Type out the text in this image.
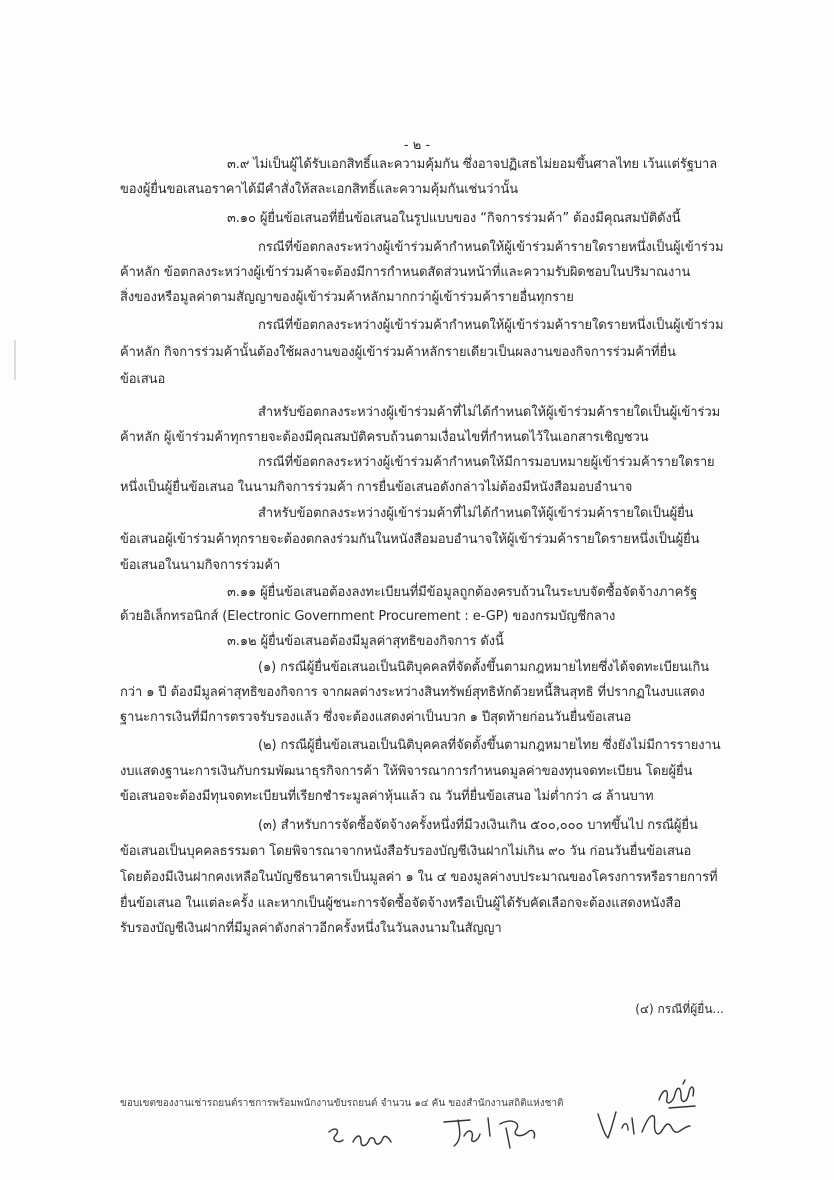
- ๒ -
๓.๙ ไม่เป็นผู้ได้รับเอกสิทธิ์และความคุ้มกัน ซึ่งอาจปฏิเสธไม่ยอมขึ้นศาลไทย เว้นแต่รัฐบาล
ของผู้ยื่นขอเสนอราคาได้มีคำสั่งให้สละเอกสิทธิ์และความคุ้มกันเช่นว่านั้น
๓.๑๐ ผู้ยื่นข้อเสนอที่ยื่นข้อเสนอในรูปแบบของ “กิจการร่วมค้า” ต้องมีคุณสมบัติดังนี้
กรณีที่ข้อตกลงระหว่างผู้เข้าร่วมค้ากำหนดให้ผู้เข้าร่วมค้ารายใดรายหนึ่งเป็นผู้เข้าร่วม
ค้าหลัก ข้อตกลงระหว่างผู้เข้าร่วมค้าจะต้องมีการกำหนดสัดส่วนหน้าที่และความรับผิดชอบในปริมาณงาน
สิ่งของหรือมูลค่าตามสัญญาของผู้เข้าร่วมค้าหลักมากกว่าผู้เข้าร่วมค้ารายอื่นทุกราย
กรณีที่ข้อตกลงระหว่างผู้เข้าร่วมค้ากำหนดให้ผู้เข้าร่วมค้ารายใดรายหนึ่งเป็นผู้เข้าร่วม
ค้าหลัก กิจการร่วมค้านั้นต้องใช้ผลงานของผู้เข้าร่วมค้าหลักรายเดียวเป็นผลงานของกิจการร่วมค้าที่ยื่น
ข้อเสนอ
สำหรับข้อตกลงระหว่างผู้เข้าร่วมค้าที่ไม่ได้กำหนดให้ผู้เข้าร่วมค้ารายใดเป็นผู้เข้าร่วม
ค้าหลัก ผู้เข้าร่วมค้าทุกรายจะต้องมีคุณสมบัติครบถ้วนตามเงื่อนไขที่กำหนดไว้ในเอกสารเชิญชวน
กรณีที่ข้อตกลงระหว่างผู้เข้าร่วมค้ากำหนดให้มีการมอบหมายผู้เข้าร่วมค้ารายใดราย
หนึ่งเป็นผู้ยื่นข้อเสนอ ในนามกิจการร่วมค้า การยื่นข้อเสนอดังกล่าวไม่ต้องมีหนังสือมอบอำนาจ
สำหรับข้อตกลงระหว่างผู้เข้าร่วมค้าที่ไม่ได้กำหนดให้ผู้เข้าร่วมค้ารายใดเป็นผู้ยื่น
ข้อเสนอผู้เข้าร่วมค้าทุกรายจะต้องตกลงร่วมกันในหนังสือมอบอำนาจให้ผู้เข้าร่วมค้ารายใดรายหนึ่งเป็นผู้ยื่น
ข้อเสนอในนามกิจการร่วมค้า
๓.๑๑ ผู้ยื่นข้อเสนอต้องลงทะเบียนที่มีข้อมูลถูกต้องครบถ้วนในระบบจัดซื้อจัดจ้างภาครัฐ
ด้วยอิเล็กทรอนิกส์ (Electronic Government Procurement : e-GP) ของกรมบัญชีกลาง
๓.๑๒ ผู้ยื่นข้อเสนอต้องมีมูลค่าสุทธิของกิจการ ดังนี้
(๑) กรณีผู้ยื่นข้อเสนอเป็นนิติบุคคลที่จัดตั้งขึ้นตามกฎหมายไทยซึ่งได้จดทะเบียนเกิน
กว่า ๑ ปี ต้องมีมูลค่าสุทธิของกิจการ จากผลต่างระหว่างสินทรัพย์สุทธิหักด้วยหนี้สินสุทธิ ที่ปรากฏในงบแสดง
ฐานะการเงินที่มีการตรวจรับรองแล้ว ซึ่งจะต้องแสดงค่าเป็นบวก ๑ ปีสุดท้ายก่อนวันยื่นข้อเสนอ
(๒) กรณีผู้ยื่นข้อเสนอเป็นนิติบุคคลที่จัดตั้งขึ้นตามกฎหมายไทย ซึ่งยังไม่มีการรายงาน
งบแสดงฐานะการเงินกับกรมพัฒนาธุรกิจการค้า ให้พิจารณาการกำหนดมูลค่าของทุนจดทะเบียน โดยผู้ยื่น
ข้อเสนอจะต้องมีทุนจดทะเบียนที่เรียกชำระมูลค่าหุ้นแล้ว ณ วันที่ยื่นข้อเสนอ ไม่ต่ำกว่า ๘ ล้านบาท
(๓) สำหรับการจัดซื้อจัดจ้างครั้งหนึ่งที่มีวงเงินเกิน ๕๐๐,๐๐๐ บาทขึ้นไป กรณีผู้ยื่น
ข้อเสนอเป็นบุคคลธรรมดา โดยพิจารณาจากหนังสือรับรองบัญชีเงินฝากไม่เกิน ๙๐ วัน ก่อนวันยื่นข้อเสนอ
โดยต้องมีเงินฝากคงเหลือในบัญชีธนาคารเป็นมูลค่า ๑ ใน ๔ ของมูลค่างบประมาณของโครงการหรือรายการที่
ยื่นข้อเสนอ ในแต่ละครั้ง และหากเป็นผู้ชนะการจัดซื้อจัดจ้างหรือเป็นผู้ได้รับคัดเลือกจะต้องแสดงหนังสือ
รับรองบัญชีเงินฝากที่มีมูลค่าดังกล่าวอีกครั้งหนึ่งในวันลงนามในสัญญา
(๔) กรณีที่ผู้ยื่น...
ขอบเขตของงานเช่ารถยนต์ราชการพร้อมพนักงานขับรถยนต์ จำนวน ๑๔ คัน ของสำนักงานสถิติแห่งชาติ
